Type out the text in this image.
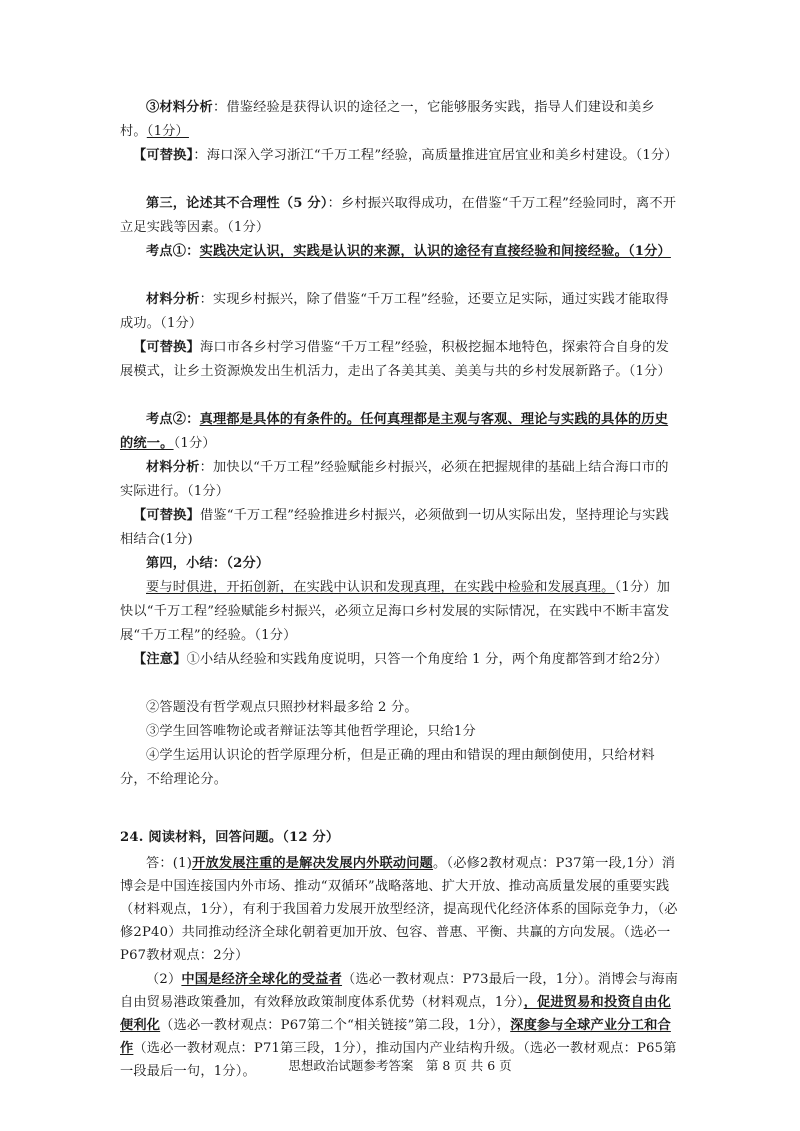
③材料分析：借鉴经验是获得认识的途径之一，它能够服务实践，指导人们建设和美乡村。（1分）
【可替换】：海口深入学习浙江“千万工程”经验，高质量推进宜居宜业和美乡村建设。（1分）
第三，论述其不合理性（5 分）：乡村振兴取得成功，在借鉴“千万工程”经验同时，离不开立足实践等因素。（1分）
考点①：实践决定认识，实践是认识的来源，认识的途径有直接经验和间接经验。（1分）
材料分析：实现乡村振兴，除了借鉴“千万工程”经验，还要立足实际，通过实践才能取得成功。（1分）
【可替换】海口市各乡村学习借鉴“千万工程”经验，积极挖掘本地特色，探索符合自身的发展模式，让乡土资源焕发出生机活力，走出了各美其美、美美与共的乡村发展新路子。（1分）
考点②：真理都是具体的有条件的。任何真理都是主观与客观、理论与实践的具体的历史的统一。（1分）
材料分析：加快以“千万工程”经验赋能乡村振兴，必须在把握规律的基础上结合海口市的实际进行。（1分）
【可替换】借鉴“千万工程”经验推进乡村振兴，必须做到一切从实际出发，坚持理论与实践相结合(1分)
第四，小结：（2分）
要与时俱进，开拓创新，在实践中认识和发现真理，在实践中检验和发展真理。（1分）加快以“千万工程”经验赋能乡村振兴，必须立足海口乡村发展的实际情况，在实践中不断丰富发展“千万工程”的经验。（1分）
【注意】①小结从经验和实践角度说明，只答一个角度给 1 分，两个角度都答到才给2分）
②答题没有哲学观点只照抄材料最多给 2 分。
③学生回答唯物论或者辩证法等其他哲学理论，只给1分
④学生运用认识论的哲学原理分析，但是正确的理由和错误的理由颠倒使用，只给材料分，不给理论分。
24. 阅读材料，回答问题。（12 分）
答：(1)开放发展注重的是解决发展内外联动问题。（必修2教材观点：P37第一段,1分）消博会是中国连接国内外市场、推动“双循环”战略落地、扩大开放、推动高质量发展的重要实践（材料观点，1分），有利于我国着力发展开放型经济，提高现代化经济体系的国际竞争力，（必修2P40）共同推动经济全球化朝着更加开放、包容、普惠、平衡、共赢的方向发展。（选必一P67教材观点：2分）
（2）中国是经济全球化的受益者（选必一教材观点：P73最后一段，1分）。消博会与海南自由贸易港政策叠加，有效释放政策制度体系优势（材料观点，1分），促进贸易和投资自由化便利化（选必一教材观点：P67第二个“相关链接”第二段，1分），深度参与全球产业分工和合作（选必一教材观点：P71第三段，1分），推动国内产业结构升级。（选必一教材观点：P65第一段最后一句，1分）。	思想政治试题参考答案　第 8 页 共 6 页
